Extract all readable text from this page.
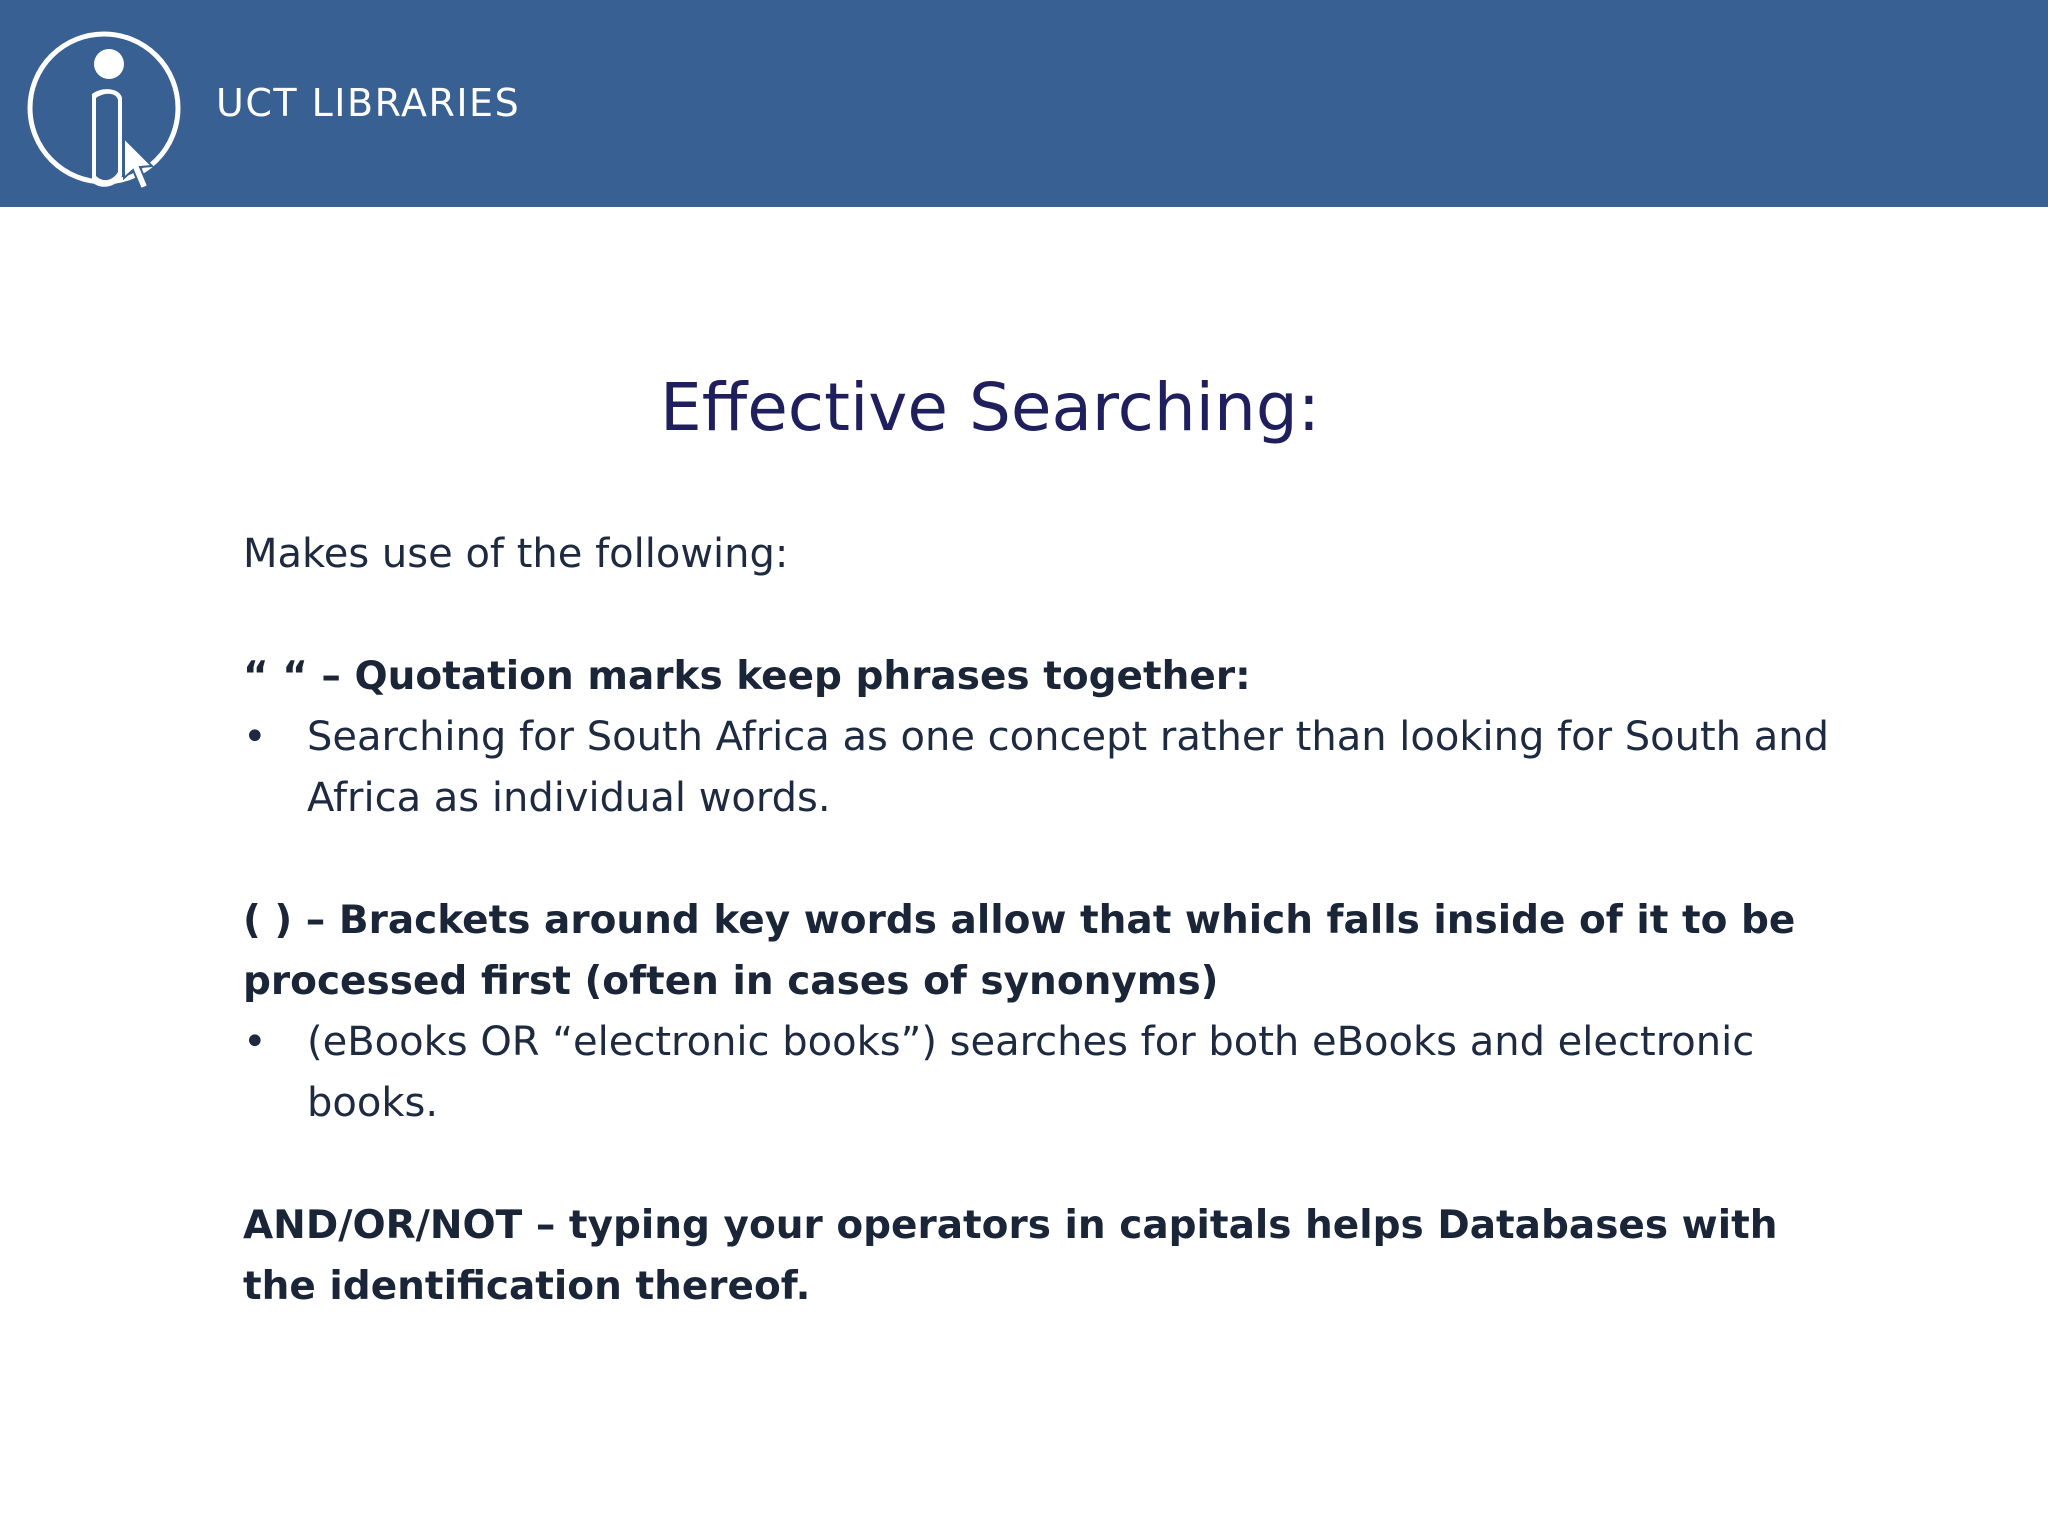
UCT LIBRARIES
Effective Searching:
Makes use of the following:
“ “ – Quotation marks keep phrases together:
• Searching for South Africa as one concept rather than looking for South and Africa as individual words.
( ) – Brackets around key words allow that which falls inside of it to be processed first (often in cases of synonyms)
• (eBooks OR “electronic books”) searches for both eBooks and electronic books.
AND/OR/NOT – typing your operators in capitals helps Databases with the identification thereof.
